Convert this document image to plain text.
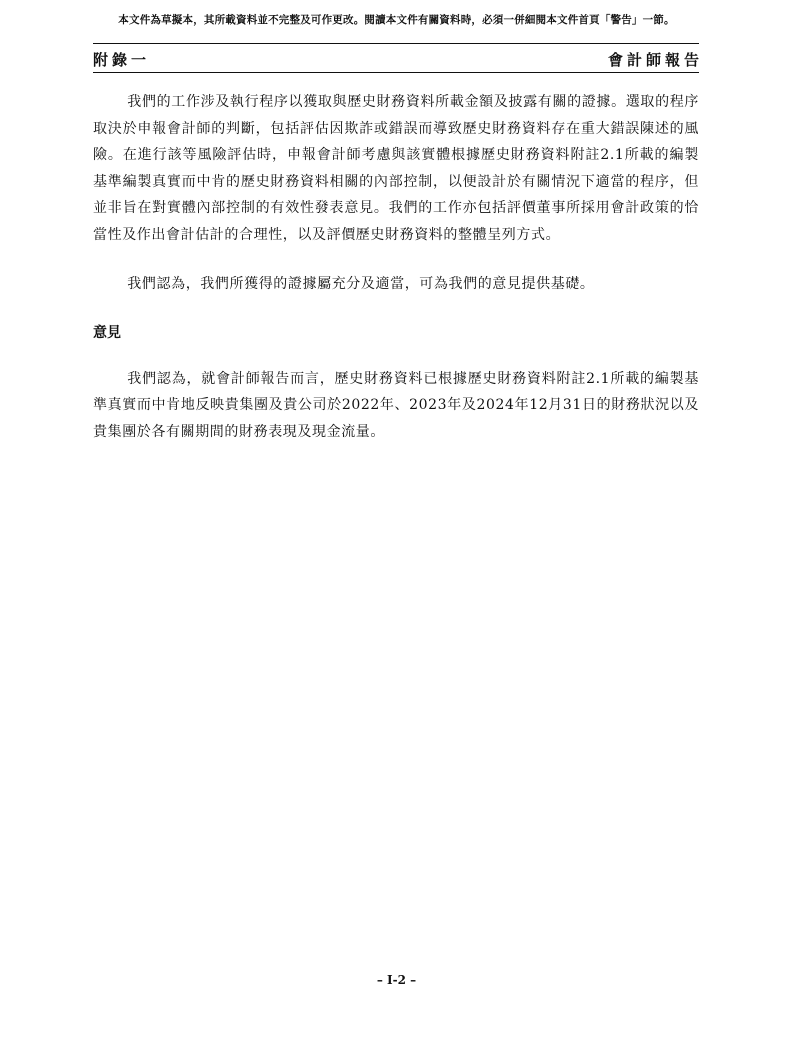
本文件為草擬本，其所載資料並不完整及可作更改。閱讀本文件有關資料時，必須一併細閱本文件首頁「警告」一節。
附錄一	會計師報告

我們的工作涉及執行程序以獲取與歷史財務資料所載金額及披露有關的證據。選取的程序取決於申報會計師的判斷，包括評估因欺詐或錯誤而導致歷史財務資料存在重大錯誤陳述的風險。在進行該等風險評估時，申報會計師考慮與該實體根據歷史財務資料附註2.1所載的編製基準編製真實而中肯的歷史財務資料相關的內部控制，以便設計於有關情況下適當的程序，但並非旨在對實體內部控制的有效性發表意見。我們的工作亦包括評價董事所採用會計政策的恰當性及作出會計估計的合理性，以及評價歷史財務資料的整體呈列方式。

我們認為，我們所獲得的證據屬充分及適當，可為我們的意見提供基礎。

意見

我們認為，就會計師報告而言，歷史財務資料已根據歷史財務資料附註2.1所載的編製基準真實而中肯地反映貴集團及貴公司於2022年、2023年及2024年12月31日的財務狀況以及貴集團於各有關期間的財務表現及現金流量。

– I-2 –
